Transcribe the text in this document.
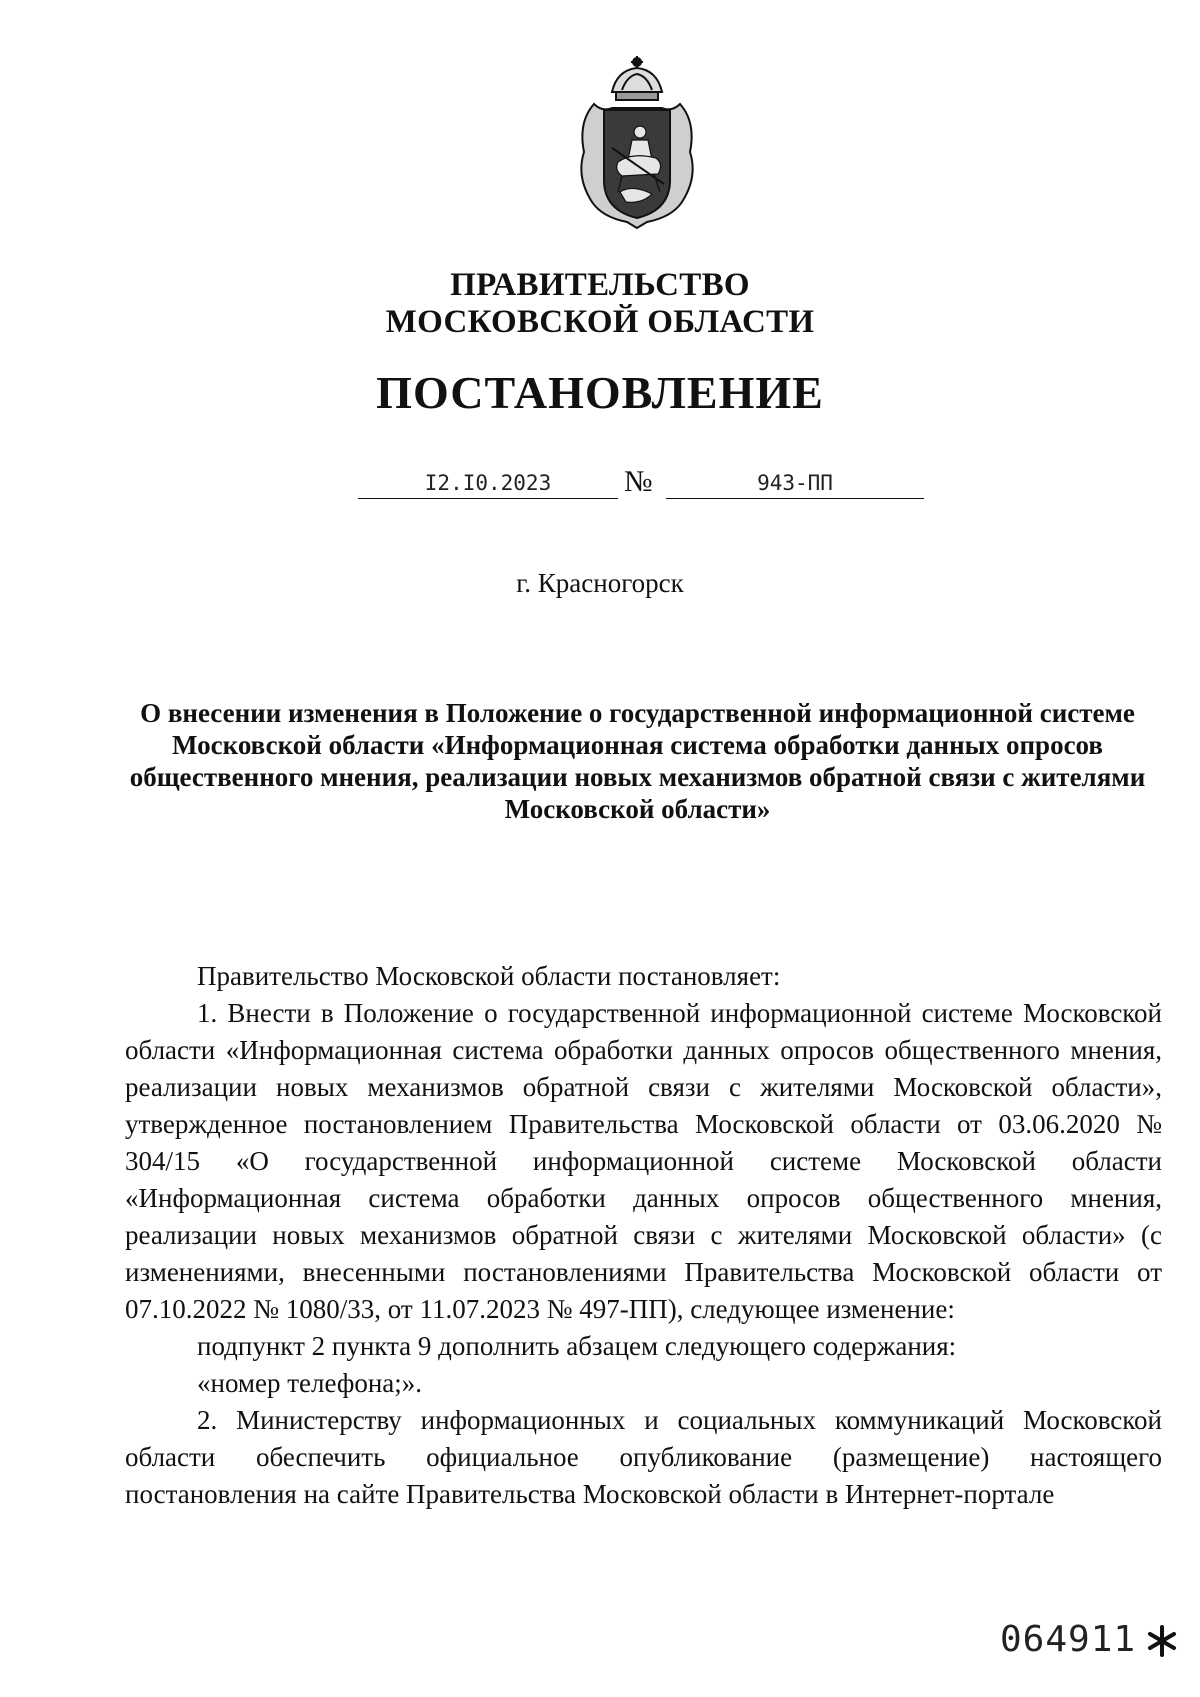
ПРАВИТЕЛЬСТВО
МОСКОВСКОЙ ОБЛАСТИ
ПОСТАНОВЛЕНИЕ
I2.I0.2023	№	943-ПП
г. Красногорск
О внесении изменения в Положение о государственной информационной системе Московской области «Информационная система обработки данных опросов общественного мнения, реализации новых механизмов обратной связи с жителями Московской области»

Правительство Московской области постановляет:

1. Внести в Положение о государственной информационной системе Московской области «Информационная система обработки данных опросов общественного мнения, реализации новых механизмов обратной связи с жителями Московской области», утвержденное постановлением Правительства Московской области от 03.06.2020 № 304/15 «О государственной информационной системе Московской области «Информационная система обработки данных опросов общественного мнения, реализации новых механизмов обратной связи с жителями Московской области» (с изменениями, внесенными постановлениями Правительства Московской области от 07.10.2022 № 1080/33, от 11.07.2023 № 497-ПП), следующее изменение:

подпункт 2 пункта 9 дополнить абзацем следующего содержания:

«номер телефона;».

2. Министерству информационных и социальных коммуникаций Московской области обеспечить официальное опубликование (размещение) настоящего постановления на сайте Правительства Московской области в Интернет-портале

064911
